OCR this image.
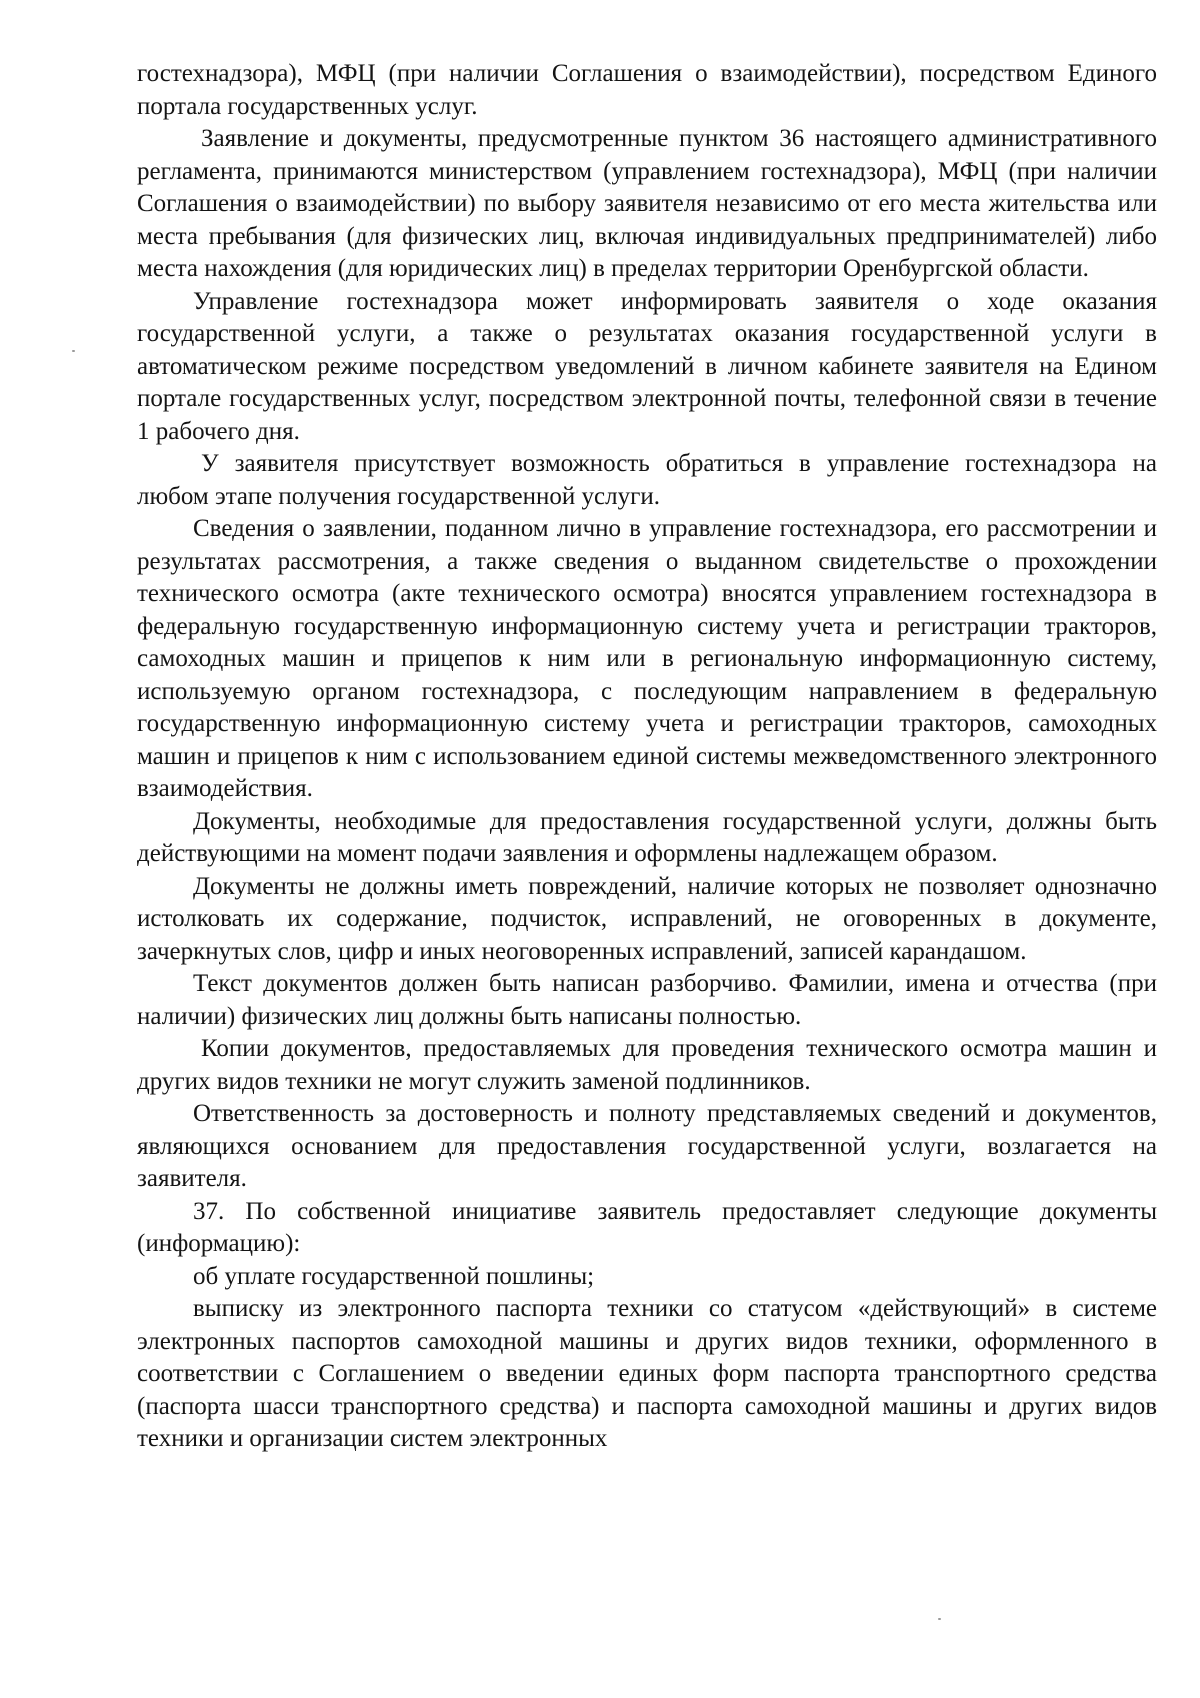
гостехнадзора), МФЦ (при наличии Соглашения о взаимодействии), посредством Единого портала государственных услуг.

Заявление и документы, предусмотренные пунктом 36 настоящего административного регламента, принимаются министерством (управлением гостехнадзора), МФЦ (при наличии Соглашения о взаимодействии) по выбору заявителя независимо от его места жительства или места пребывания (для физических лиц, включая индивидуальных предпринимателей) либо места нахождения (для юридических лиц) в пределах территории Оренбургской области.

Управление гостехнадзора может информировать заявителя о ходе оказания государственной услуги, а также о результатах оказания государственной услуги в автоматическом режиме посредством уведомлений в личном кабинете заявителя на Едином портале государственных услуг, посредством электронной почты, телефонной связи в течение 1 рабочего дня.

У заявителя присутствует возможность обратиться в управление гостехнадзора на любом этапе получения государственной услуги.

Сведения о заявлении, поданном лично в управление гостехнадзора, его рассмотрении и результатах рассмотрения, а также сведения о выданном свидетельстве о прохождении технического осмотра (акте технического осмотра) вносятся управлением гостехнадзора в федеральную государственную информационную систему учета и регистрации тракторов, самоходных машин и прицепов к ним или в региональную информационную систему, используемую органом гостехнадзора, с последующим направлением в федеральную государственную информационную систему учета и регистрации тракторов, самоходных машин и прицепов к ним с использованием единой системы межведомственного электронного взаимодействия.

Документы, необходимые для предоставления государственной услуги, должны быть действующими на момент подачи заявления и оформлены надлежащем образом.

Документы не должны иметь повреждений, наличие которых не позволяет однозначно истолковать их содержание, подчисток, исправлений, не оговоренных в документе, зачеркнутых слов, цифр и иных неоговоренных исправлений, записей карандашом.

Текст документов должен быть написан разборчиво. Фамилии, имена и отчества (при наличии) физических лиц должны быть написаны полностью.

Копии документов, предоставляемых для проведения технического осмотра машин и других видов техники не могут служить заменой подлинников.

Ответственность за достоверность и полноту представляемых сведений и документов, являющихся основанием для предоставления государственной услуги, возлагается на заявителя.

37. По собственной инициативе заявитель предоставляет следующие документы (информацию):

об уплате государственной пошлины;

выписку из электронного паспорта техники со статусом «действующий» в системе электронных паспортов самоходной машины и других видов техники, оформленного в соответствии с Соглашением о введении единых форм паспорта транспортного средства (паспорта шасси транспортного средства) и паспорта самоходной машины и других видов техники и организации систем электронных
